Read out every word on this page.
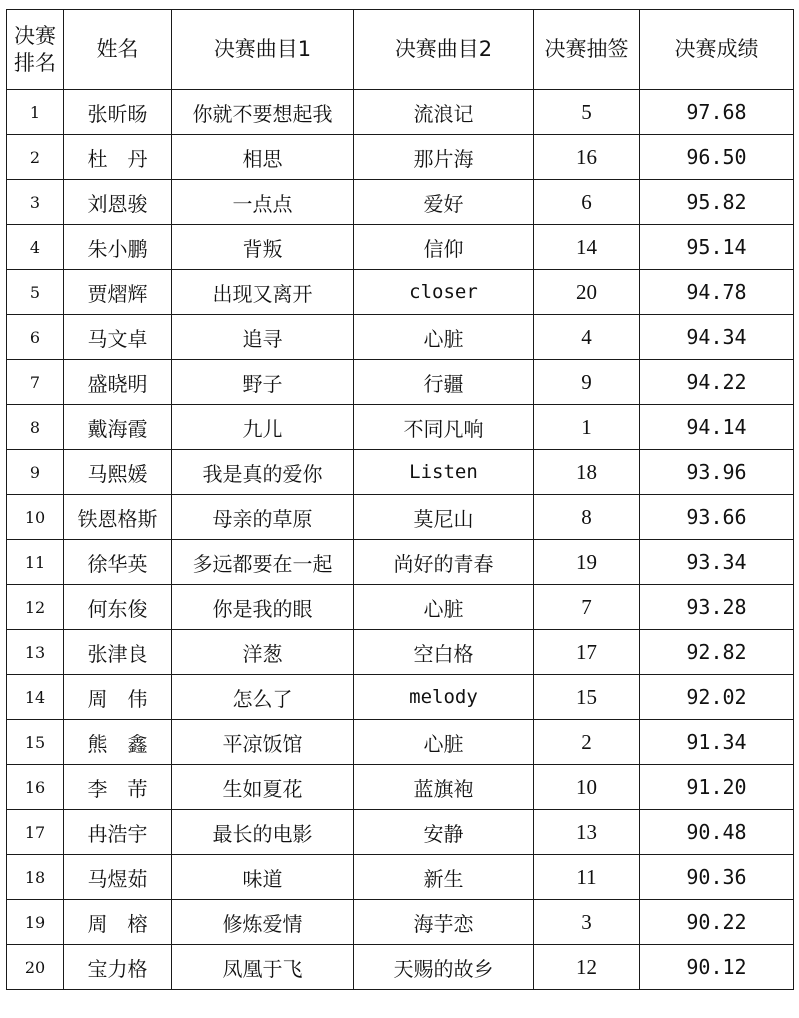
决赛
排名	姓名	决赛曲目1	决赛曲目2	决赛抽签	决赛成绩
1	张昕旸	你就不要想起我	流浪记	5	97.68
2	杜　丹	相思	那片海	16	96.50
3	刘恩骏	一点点	爱好	6	95.82
4	朱小鹏	背叛	信仰	14	95.14
5	贾熠辉	出现又离开	closer	20	94.78
6	马文卓	追寻	心脏	4	94.34
7	盛晓明	野子	行疆	9	94.22
8	戴海霞	九儿	不同凡响	1	94.14
9	马熙媛	我是真的爱你	Listen	18	93.96
10	铁恩格斯	母亲的草原	莫尼山	8	93.66
11	徐华英	多远都要在一起	尚好的青春	19	93.34
12	何东俊	你是我的眼	心脏	7	93.28
13	张津良	洋葱	空白格	17	92.82
14	周　伟	怎么了	melody	15	92.02
15	熊　鑫	平凉饭馆	心脏	2	91.34
16	李　芾	生如夏花	蓝旗袍	10	91.20
17	冉浩宇	最长的电影	安静	13	90.48
18	马煜茹	味道	新生	11	90.36
19	周　榕	修炼爱情	海芋恋	3	90.22
20	宝力格	凤凰于飞	天赐的故乡	12	90.12
